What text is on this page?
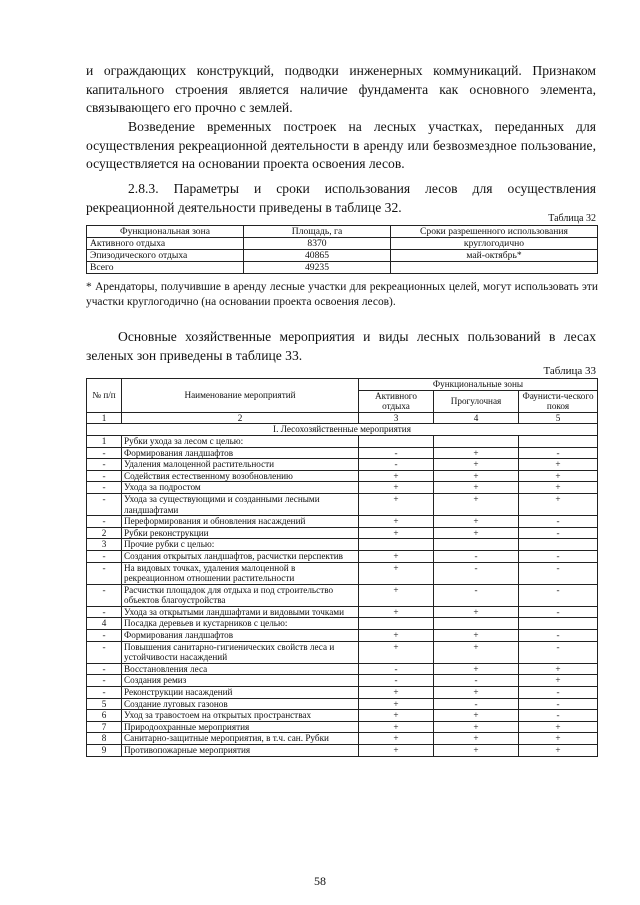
и ограждающих конструкций, подводки инженерных коммуникаций. Признаком капитального строения является наличие фундамента как основного элемента, связывающего его прочно с землей.

Возведение временных построек на лесных участках, переданных для осуществления рекреационной деятельности в аренду или безвозмездное пользование, осуществляется на основании проекта освоения лесов.

2.8.3. Параметры и сроки использования лесов для осуществления рекреационной деятельности приведены в таблице 32.

Таблица 32
Функциональная зона	Площадь, га	Сроки разрешенного использования
Активного отдыха	8370	круглогодично
Эпизодического отдыха	40865	май-октябрь*
Всего	49235	

* Арендаторы, получившие в аренду лесные участки для рекреационных целей, могут использовать эти участки круглогодично (на основании проекта освоения лесов).

Основные хозяйственные мероприятия и виды лесных пользований в лесах зеленых зон приведены в таблице 33.

Таблица 33
№ п/п	Наименование мероприятий	Функциональные зоны		
		Активного отдыха	Прогулочная	Фаунисти-ческого покоя
1	2	3	4	5
I. Лесохозяйственные мероприятия				
1	Рубки ухода за лесом с целью:			
-	Формирования ландшафтов	-	+	-
-	Удаления малоценной растительности	-	+	+
-	Содействия естественному возобновлению	+	+	+
-	Ухода за подростом	+	+	+
-	Ухода за существующими и созданными лесными ландшафтами	+	+	+
-	Переформирования и обновления насаждений	+	+	-
2	Рубки реконструкции	+	+	-
3	Прочие рубки с целью:			
-	Создания открытых ландшафтов, расчистки перспектив	+	-	-
-	На видовых точках, удаления малоценной в рекреационном отношении растительности	+	-	-
-	Расчистки площадок для отдыха и под строительство объектов благоустройства	+	-	-
-	Ухода за открытыми ландшафтами и видовыми точками	+	+	-
4	Посадка деревьев и кустарников с целью:			
-	Формирования ландшафтов	+	+	-
-	Повышения санитарно-гигиенических свойств леса и устойчивости насаждений	+	+	-
-	Восстановления леса	-	+	+
-	Создания ремиз	-	-	+
-	Реконструкции насаждений	+	+	-
5	Создание луговых газонов	+	-	-
6	Уход за травостоем на открытых пространствах	+	+	-
7	Природоохранные мероприятия	+	+	+
8	Санитарно-защитные мероприятия, в т.ч. сан. Рубки	+	+	+
9	Противопожарные мероприятия	+	+	+
58
